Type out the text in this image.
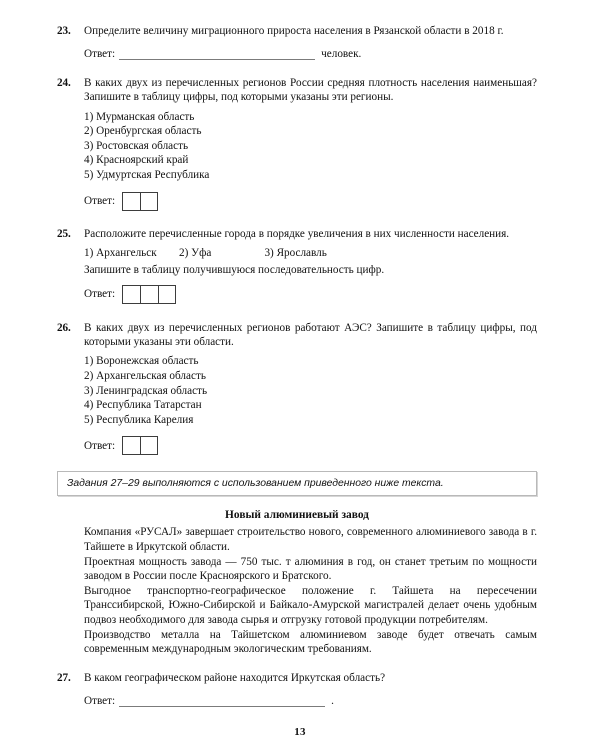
23. Определите величину миграционного прироста населения в Рязанской области в 2018 г.
Ответ:	человек.
24. В каких двух из перечисленных регионов России средняя плотность населения наименьшая? Запишите в таблицу цифры, под которыми указаны эти регионы.
1) Мурманская область
2) Оренбургская область
3) Ростовская область
4) Красноярский край
5) Удмуртская Республика
Ответ:
25. Расположите перечисленные города в порядке увеличения в них численности населения.
1) Архангельск        2) Уфа                   3) Ярославль
Запишите в таблицу получившуюся последовательность цифр.
Ответ:
26. В каких двух из перечисленных регионов работают АЭС? Запишите в таблицу цифры, под которыми указаны эти области.
1) Воронежская область
2) Архангельская область
3) Ленинградская область
4) Республика Татарстан
5) Республика Карелия
Ответ:
Задания 27–29 выполняются с использованием приведенного ниже текста.
Новый алюминиевый завод

Компания «РУСАЛ» завершает строительство нового, современного алюминиевого завода в г. Тайшете в Иркутской области.

Проектная мощность завода — 750 тыс. т алюминия в год, он станет третьим по мощности заводом в России после Красноярского и Братского.

Выгодное транспортно-географическое положение г. Тайшета на пересечении Транссибирской, Южно-Сибирской и Байкало-Амурской магистралей делает очень удобным подвоз необходимого для завода сырья и отгрузку готовой продукции потребителям.

Производство металла на Тайшетском алюминиевом заводе будет отвечать самым современным международным экологическим требованиям.

27. В каком географическом районе находится Иркутская область?
Ответ:	.
13
